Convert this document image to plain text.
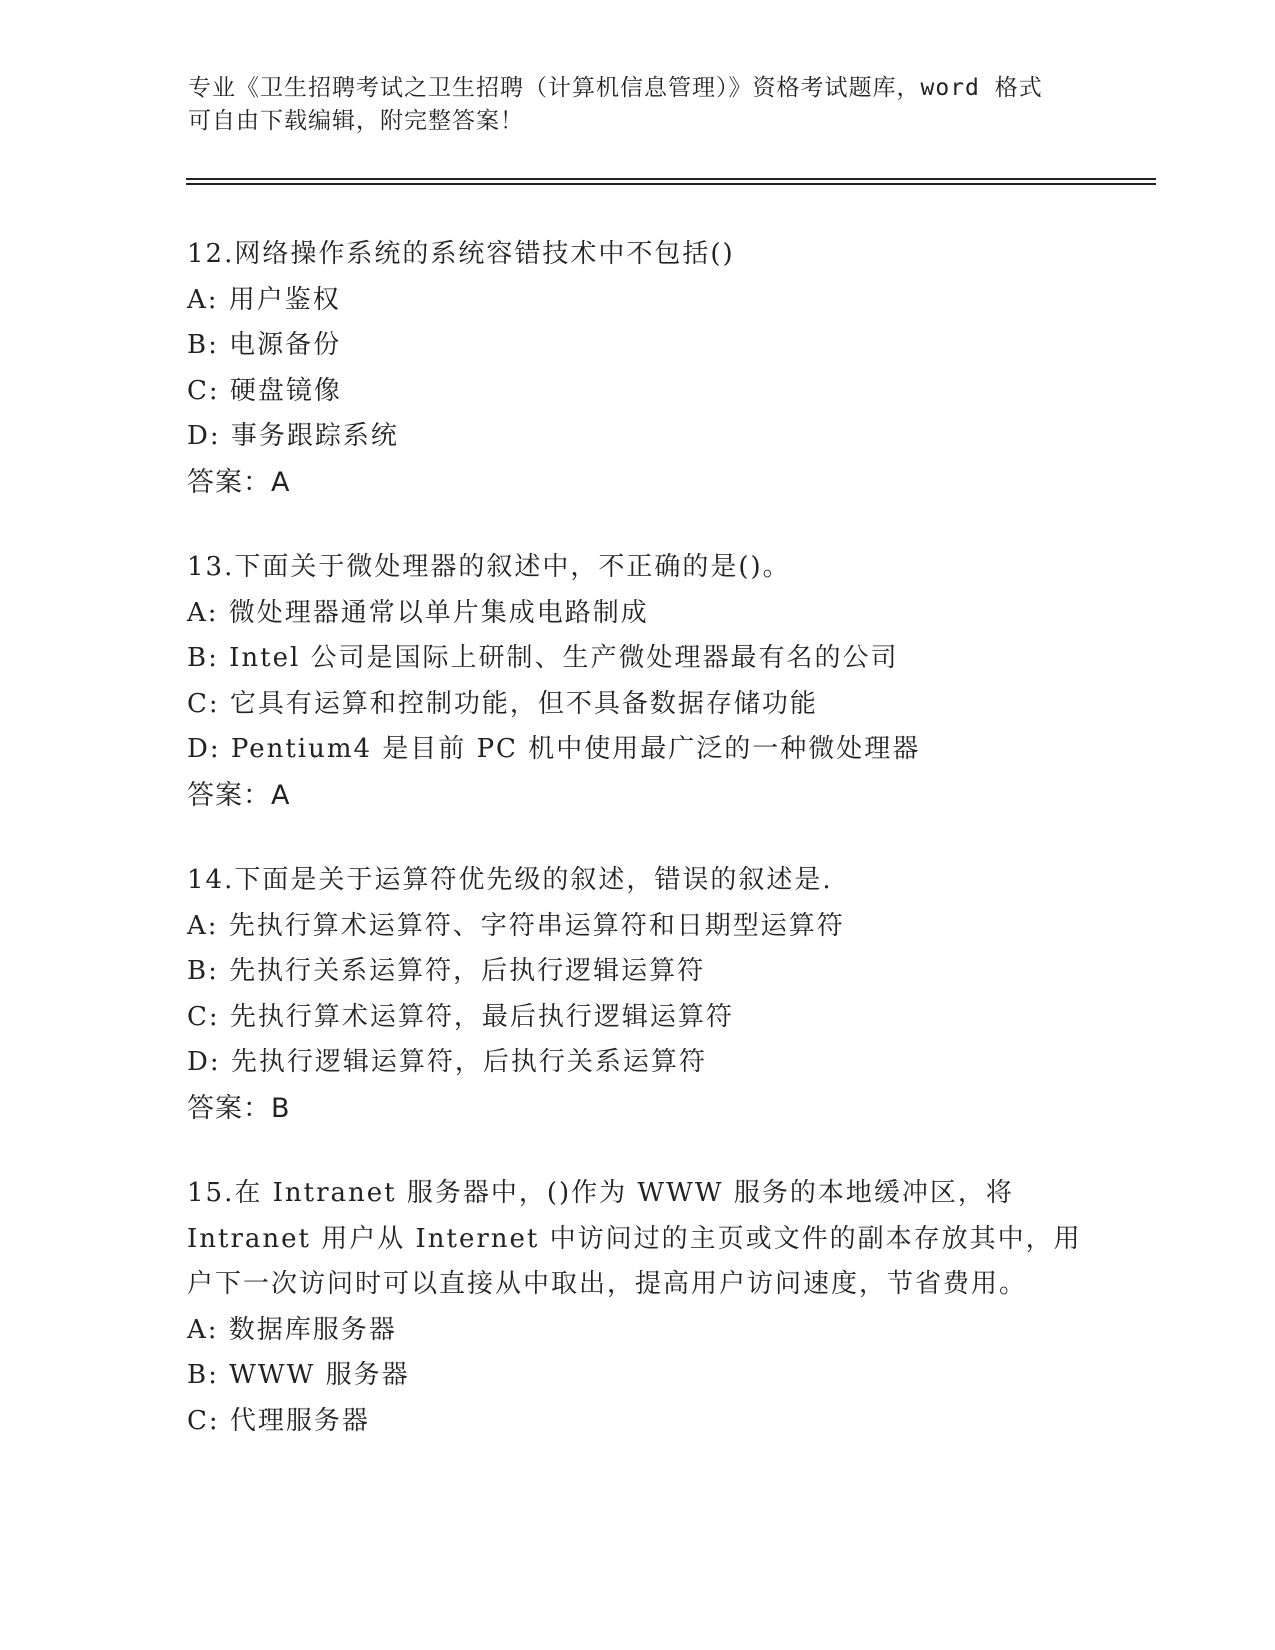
专业《卫生招聘考试之卫生招聘（计算机信息管理）》资格考试题库，word 格式

可自由下载编辑，附完整答案！

12.网络操作系统的系统容错技术中不包括()
A: 用户鉴权
B: 电源备份
C: 硬盘镜像
D: 事务跟踪系统
答案：A
13.下面关于微处理器的叙述中，不正确的是()。
A: 微处理器通常以单片集成电路制成
B: Intel 公司是国际上研制、生产微处理器最有名的公司
C: 它具有运算和控制功能，但不具备数据存储功能
D: Pentium4 是目前 PC 机中使用最广泛的一种微处理器
答案：A
14.下面是关于运算符优先级的叙述，错误的叙述是.
A: 先执行算术运算符、字符串运算符和日期型运算符
B: 先执行关系运算符，后执行逻辑运算符
C: 先执行算术运算符，最后执行逻辑运算符
D: 先执行逻辑运算符，后执行关系运算符
答案：B
15.在 Intranet 服务器中，()作为 WWW 服务的本地缓冲区，将
Intranet 用户从 Internet 中访问过的主页或文件的副本存放其中，用
户下一次访问时可以直接从中取出，提高用户访问速度，节省费用。
A: 数据库服务器
B: WWW 服务器
C: 代理服务器
